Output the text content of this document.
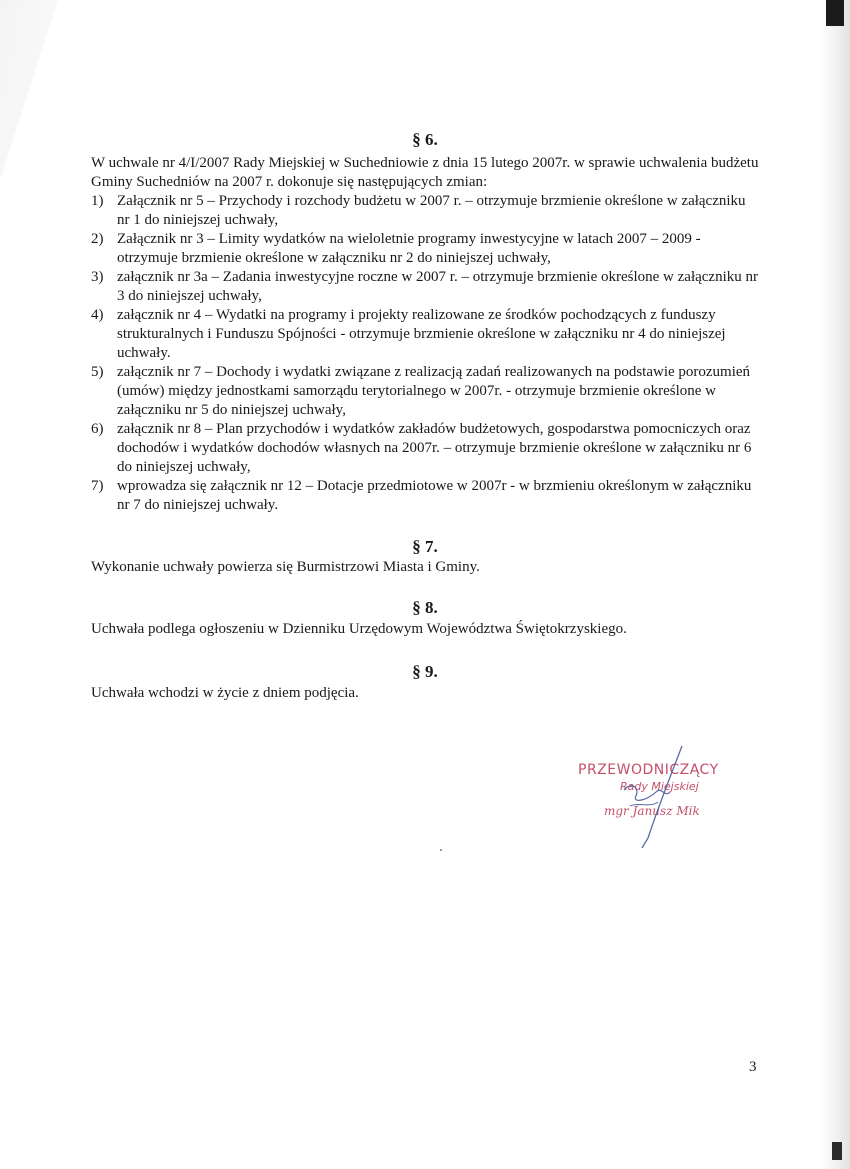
§ 6.

W uchwale nr 4/I/2007 Rady Miejskiej w Suchedniowie z dnia 15 lutego 2007r. w sprawie uchwalenia budżetu Gminy Suchedniów na 2007 r. dokonuje się następujących zmian:

1) Załącznik nr 5 – Przychody i rozchody budżetu w 2007 r. – otrzymuje brzmienie określone w załączniku nr 1 do niniejszej uchwały,
2) Załącznik nr 3 – Limity wydatków na wieloletnie programy inwestycyjne w latach 2007 – 2009 - otrzymuje brzmienie określone w załączniku nr 2 do niniejszej uchwały,
3) załącznik nr 3a – Zadania inwestycyjne roczne w 2007 r. – otrzymuje brzmienie określone w załączniku nr 3 do niniejszej uchwały,
4) załącznik nr 4 – Wydatki na programy i projekty realizowane ze środków pochodzących z funduszy strukturalnych i Funduszu Spójności - otrzymuje brzmienie określone w załączniku nr 4 do niniejszej uchwały.
5) załącznik nr 7 – Dochody i wydatki związane z realizacją zadań realizowanych na podstawie porozumień (umów) między jednostkami samorządu terytorialnego w 2007r. - otrzymuje brzmienie określone w załączniku nr 5 do niniejszej uchwały,
6) załącznik nr 8 – Plan przychodów i wydatków zakładów budżetowych, gospodarstwa pomocniczych oraz dochodów i wydatków dochodów własnych na 2007r. – otrzymuje brzmienie określone w załączniku nr 6 do niniejszej uchwały,
7) wprowadza się załącznik nr 12 – Dotacje przedmiotowe w 2007r - w brzmieniu określonym w załączniku nr 7 do niniejszej uchwały.
§ 7.

Wykonanie uchwały powierza się Burmistrzowi Miasta i Gminy.

§ 8.

Uchwała podlega ogłoszeniu w Dzienniku Urzędowym Województwa Świętokrzyskiego.

§ 9.

Uchwała wchodzi w życie z dniem podjęcia.

PRZEWODNICZĄCY
Rady Miejskiej
mgr Janusz Mik

3
